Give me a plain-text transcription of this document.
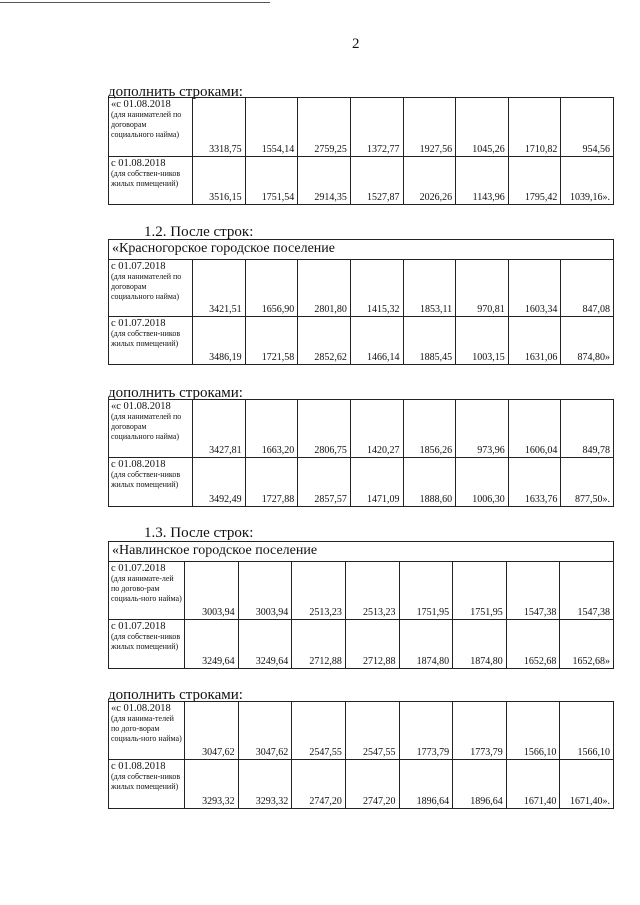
2
дополнить строками:
«с 01.08.2018
(для нанимателей по договорам социального найма)	3318,75	1554,14	2759,25	1372,77	1927,56	1045,26	1710,82	954,56

с 01.08.2018
(для собствен-ников жилых помещений)	3516,15	1751,54	2914,35	1527,87	2026,26	1143,96	1795,42	1039,16».
1.2. После строк:
«Красногорское городское поселение								

с 01.07.2018
(для нанимателей по договорам социального найма)	3421,51	1656,90	2801,80	1415,32	1853,11	970,81	1603,34	847,08

с 01.07.2018
(для собствен-ников жилых помещений)	3486,19	1721,58	2852,62	1466,14	1885,45	1003,15	1631,06	874,80»
дополнить строками:
«с 01.08.2018
(для нанимателей по договорам социального найма)	3427,81	1663,20	2806,75	1420,27	1856,26	973,96	1606,04	849,78

с 01.08.2018
(для собствен-ников жилых помещений)	3492,49	1727,88	2857,57	1471,09	1888,60	1006,30	1633,76	877,50».
1.3. После строк:
«Навлинское городское поселение								

с 01.07.2018
(для нанимате-лей по догово-рам социаль-ного найма)	3003,94	3003,94	2513,23	2513,23	1751,95	1751,95	1547,38	1547,38

с 01.07.2018
(для собствен-ников жилых помещений)	3249,64	3249,64	2712,88	2712,88	1874,80	1874,80	1652,68	1652,68»
дополнить строками:
«с 01.08.2018
(для нанима-телей по дого-ворам социаль-ного найма)	3047,62	3047,62	2547,55	2547,55	1773,79	1773,79	1566,10	1566,10

с 01.08.2018
(для собствен-ников жилых помещений)	3293,32	3293,32	2747,20	2747,20	1896,64	1896,64	1671,40	1671,40».
